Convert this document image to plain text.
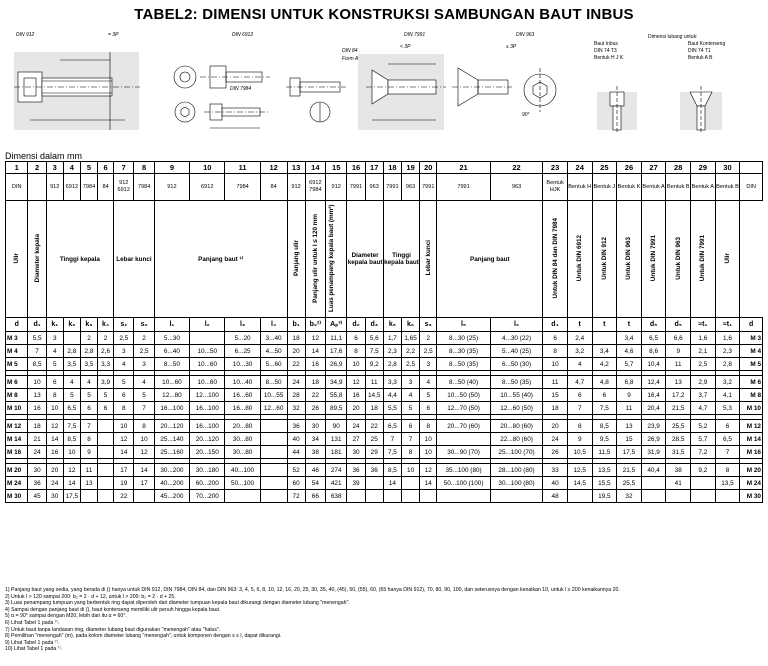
TABEL2: DIMENSI UNTUK KONSTRUKSI SAMBUNGAN BAUT INBUS
DIN 912	= 3P	DIN 6912
DIN 7984
DIN 84
Form A
DIN 7991
< 3P
DIN 963
≤ 3P
90°
Dimensi lubang untuk:
Baut Inbus
DIN 74 T3
Bentuk H J K
Baut Konterseng
DIN 74 T1
Bentuk A B
Dimensi dalam mm
1	2	3	4	5	6	7	8	9	10	11	12	13	14	15	16	17	18	19	20	21	22	23	24	25	26	27	28	29	30	
DIN		912	6912	7984	84	912 6912	7984	912	6912	7984	84	912	6912 7984	912	7991	963	7991	963	7991	7991	963	Bentuk HJK	Bentuk H	Bentuk J	Bentuk K	Bentuk A	Bentuk B	Bentuk A	Bentuk B	DIN
Ulir	Diameter kepala	Tinggi kepala				Lebar kunci		Panjang baut ¹⁾				Panjang ulir	Panjang ulir untuk l ≤ 120 mm	Luas penampang kepala baut (mm²)	Diameter kepala baut		Tinggi kepala baut		Lebar kunci	Panjang baut		Untuk DIN 84 dan DIN 7984	Untuk DIN 6912	Untuk DIN 912	Untuk DIN 963	Untuk DIN 7991	Untuk DIN 963	Untuk DIN 7991	Ulir	
d	d₁	k₁	k₂	k₃	k₄	s₁	s₂	l₁	l₂	l₃	l₄	b₁	b₂²⁾	Aₚ³⁾	d₂	d₃	k₅	k₆	s₃	l₅	l₆	d₄	t	t	t	d₅	d₅	≈t₁	≈t₁	d
M 3	5,5	3		2	2	2,5	2	5...30		5...20	3...40	18	12	11,1	6	5,6	1,7	1,65	2	8...30 (25)	4...30 (22)	6	2,4		3,4	6,5	6,6	1,6	1,6	M 3
M 4	7	4	2,8	2,8	2,6	3	2,5	6...40	10...50	6...25	4...50	20	14	17,6	8	7,5	2,3	2,2	2,5	8...30 (35)	5...40 (25)	8	3,2	3,4	4,6	8,6	9	2,1	2,3	M 4
M 5	8,5	5	3,5	3,5	3,3	4	3	8...50	10...60	10...30	5...60	22	16	26,9	10	9,2	2,8	2,5	3	8...50 (35)	6...50 (30)	10	4	4,2	5,7	10,4	11	2,5	2,8	M 5

M 6	10	6	4	4	3,9	5	4	10...60	10...60	10...40	8...50	24	18	34,9	12	11	3,3	3	4	8...50 (40)	8...50 (35)	11	4,7	4,8	6,8	12,4	13	2,9	3,2	M 6
M 8	13	8	5	5	5	6	5	12...80	12...100	16...60	10...55	28	22	55,8	16	14,5	4,4	4	5	10...50 (50)	10...55 (40)	15	6	6	9	16,4	17,2	3,7	4,1	M 8
M 10	16	10	6,5	6	6	8	7	16...100	16...100	16...80	12...60	32	26	89,5	20	18	5,5	5	6	12...70 (50)	12...60 (50)	18	7	7,5	11	20,4	21,5	4,7	5,3	M 10

M 12	18	12	7,5	7		10	8	20...120	16...100	20...80		36	30	90	24	22	6,5	6	8	20...70 (60)	20...80 (60)	20	8	8,5	13	23,9	25,5	5,2	6	M 12
M 14	21	14	8,5	8		12	10	25...140	20...120	30...80		40	34	131	27	25	7	7	10		22...80 (60)	24	9	9,5	15	26,9	28,5	5,7	6,5	M 14
M 16	24	16	10	9		14	12	25...160	20...150	30...80		44	38	181	30	29	7,5	8	10	30...90 (70)	25...100 (70)	26	10,5	11,5	17,5	31,9	31,5	7,2	7	M 16

M 20	30	20	12	11		17	14	30...200	30...180	40...100		52	46	274	36	36	8,5	10	12	35...100 (80)	28...100 (80)	33	12,5	13,5	21,5	40,4	38	9,2	8	M 20
M 24	36	24	14	13		19	17	40...200	60...200	50...100		60	54	421	39		14		14	50...100 (100)	30...100 (80)	40	14,5	15,5	25,5		41		13,5	M 24
M 30	45	30	17,5			22		45...200	70...200			72	66	638								48		19,5	32					M 30
1) Panjang baut yang sedia, yang berada di () hanya untuk DIN 912, DIN 7984, DIN 84, dan DIN 963: 3, 4, 5, 6, 8, 10, 12, 16, 20, 25, 30, 35, 40, (45), 50, (55), 60, (65 hanya DIN 912), 70, 80, 90, 100, dan seterusnya dengan kenaikan 10, untuk l ≥ 200 kenaikannya 20.
2) Untuk l > 120 sampai 200: b₂ = 2 · d + 12, untuk l > 200: b₂ = 2 · d + 25.
3) Luas penampang tumpuan yang berbentuk ring dapat diperoleh dari diameter tumpuan kepala baut dikurangi dengan diameter lubang "menengah".
4) Sampai dengan panjang baut di (), baut konterseng memiliki ulir penuh hingga kepala baut.
5) α = 90° sampai dengan M20, lebih dari itu α = 60°.
6) Lihat Tabel 1 pada ⁷⁾.
7) Untuk baut tanpa landasan ring, diameter lubang baut digunakan "menengah" atau "halus".
8) Pemilihan "menengah" (m), pada kolom diameter lubang "menengah", untuk komponen dengan s ≤ l, dapat dikurangi.
9) Lihat Tabel 1 pada ⁷⁾.
10) Lihat Tabel 1 pada ⁷⁾.
